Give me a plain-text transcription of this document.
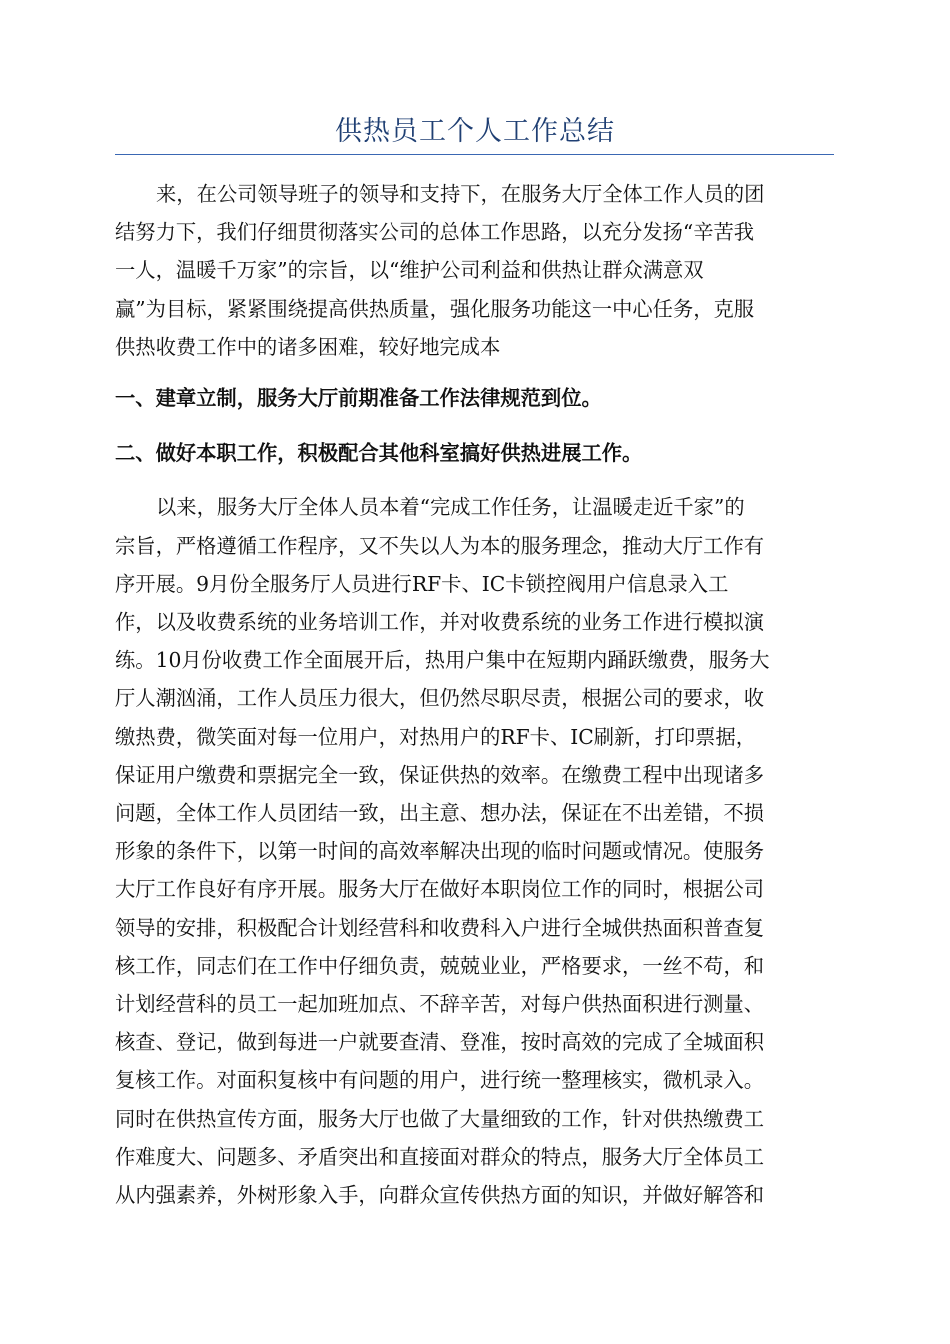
供热员工个人工作总结

来，在公司领导班子的领导和支持下，在服务大厅全体工作人员的团
结努力下，我们仔细贯彻落实公司的总体工作思路，以充分发扬“辛苦我
一人，温暖千万家”的宗旨，以“维护公司利益和供热让群众满意双
赢”为目标，紧紧围绕提高供热质量，强化服务功能这一中心任务，克服
供热收费工作中的诸多困难，较好地完成本

一、建章立制，服务大厅前期准备工作法律规范到位。

二、做好本职工作，积极配合其他科室搞好供热进展工作。

以来，服务大厅全体人员本着“完成工作任务，让温暖走近千家”的
宗旨，严格遵循工作程序，又不失以人为本的服务理念，推动大厅工作有
序开展。9月份全服务厅人员进行RF卡、IC卡锁控阀用户信息录入工
作，以及收费系统的业务培训工作，并对收费系统的业务工作进行模拟演
练。10月份收费工作全面展开后，热用户集中在短期内踊跃缴费，服务大
厅人潮汹涌，工作人员压力很大，但仍然尽职尽责，根据公司的要求，收
缴热费，微笑面对每一位用户，对热用户的RF卡、IC刷新，打印票据，
保证用户缴费和票据完全一致，保证供热的效率。在缴费工程中出现诸多
问题，全体工作人员团结一致，出主意、想办法，保证在不出差错，不损
形象的条件下，以第一时间的高效率解决出现的临时问题或情况。使服务
大厅工作良好有序开展。服务大厅在做好本职岗位工作的同时，根据公司
领导的安排，积极配合计划经营科和收费科入户进行全城供热面积普查复
核工作，同志们在工作中仔细负责，兢兢业业，严格要求，一丝不苟，和
计划经营科的员工一起加班加点、不辞辛苦，对每户供热面积进行测量、
核查、登记，做到每进一户就要查清、登准，按时高效的完成了全城面积
复核工作。对面积复核中有问题的用户，进行统一整理核实，微机录入。
同时在供热宣传方面，服务大厅也做了大量细致的工作，针对供热缴费工
作难度大、问题多、矛盾突出和直接面对群众的特点，服务大厅全体员工
从内强素养，外树形象入手，向群众宣传供热方面的知识，并做好解答和
